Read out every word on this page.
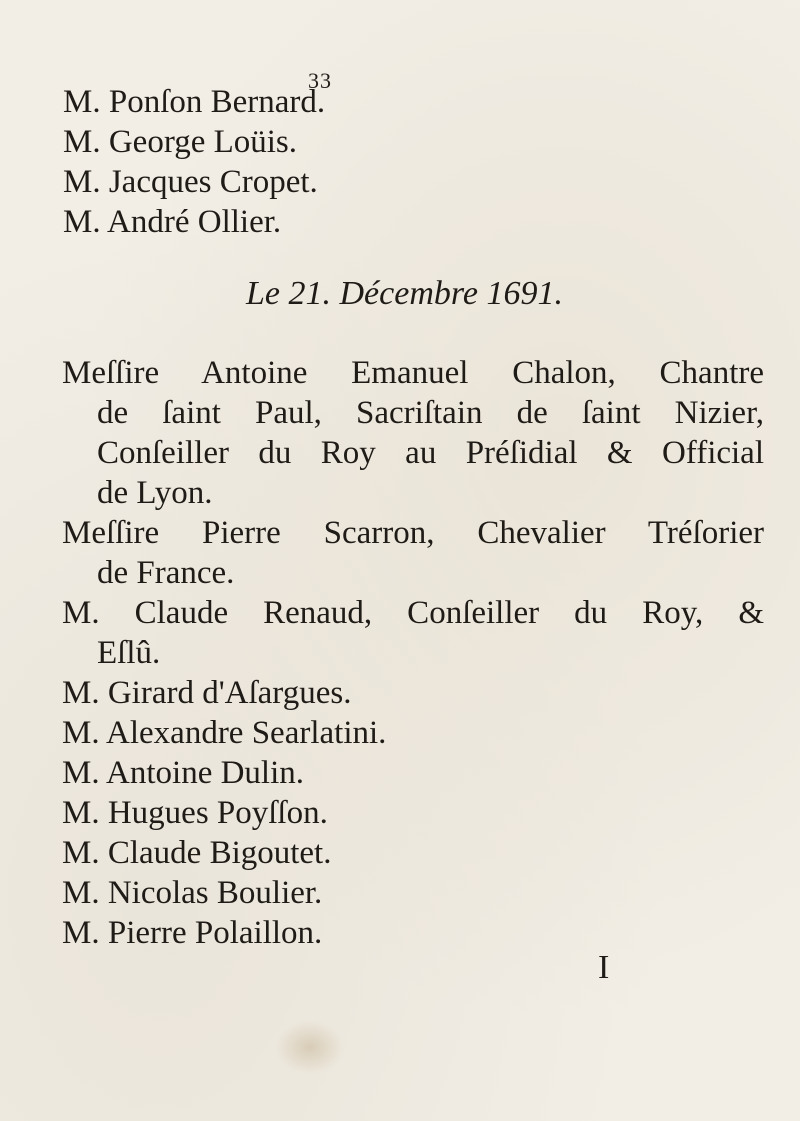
33
M. Ponſon Bernard.
M. George Loüis.
M. Jacques Cropet.
M. André Ollier.
Le 21. Décembre 1691.
Meſſire Antoine Emanuel Chalon, Chantre
de ſaint Paul, Sacriſtain de ſaint Nizier,
Conſeiller du Roy au Préſidial & Official
de Lyon.
Meſſire Pierre Scarron, Chevalier Tréſorier
de France.
M. Claude Renaud, Conſeiller du Roy, &
Eſlû.
M. Girard d'Aſargues.
M. Alexandre Searlatini.
M. Antoine Dulin.
M. Hugues Poyſſon.
M. Claude Bigoutet.
M. Nicolas Boulier.
M. Pierre Polaillon.
I
